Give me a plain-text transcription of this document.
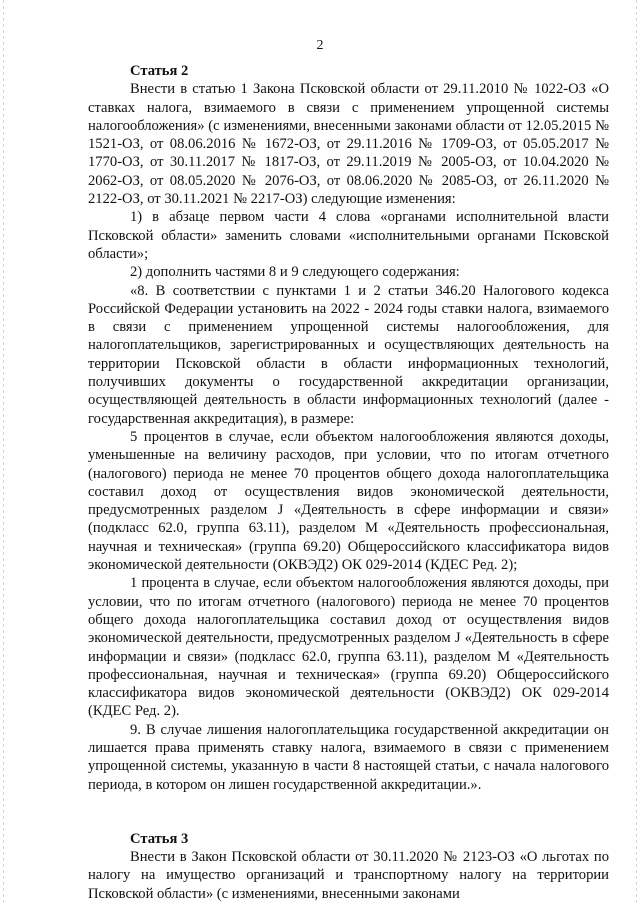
2

Статья 2

Внести в статью 1 Закона Псковской области от 29.11.2010 № 1022-ОЗ «О ставках налога, взимаемого в связи с применением упрощенной системы налогообложения» (с изменениями, внесенными законами области от 12.05.2015 № 1521-ОЗ, от 08.06.2016 № 1672-ОЗ, от 29.11.2016 № 1709-ОЗ, от 05.05.2017 № 1770-ОЗ, от 30.11.2017 № 1817-ОЗ, от 29.11.2019 № 2005-ОЗ, от 10.04.2020 № 2062-ОЗ, от 08.05.2020 № 2076-ОЗ, от 08.06.2020 № 2085-ОЗ, от 26.11.2020 № 2122-ОЗ, от 30.11.2021 № 2217-ОЗ) следующие изменения:

1) в абзаце первом части 4 слова «органами исполнительной власти Псковской области» заменить словами «исполнительными органами Псковской области»;

2) дополнить частями 8 и 9 следующего содержания:

«8. В соответствии с пунктами 1 и 2 статьи 346.20 Налогового кодекса Российской Федерации установить на 2022 - 2024 годы ставки налога, взимаемого в связи с применением упрощенной системы налогообложения, для налогоплательщиков, зарегистрированных и осуществляющих деятельность на территории Псковской области в области информационных технологий, получивших документы о государственной аккредитации организации, осуществляющей деятельность в области информационных технологий (далее - государственная аккредитация), в размере:

5 процентов в случае, если объектом налогообложения являются доходы, уменьшенные на величину расходов, при условии, что по итогам отчетного (налогового) периода не менее 70 процентов общего дохода налогоплательщика составил доход от осуществления видов экономической деятельности, предусмотренных разделом J «Деятельность в сфере информации и связи» (подкласс 62.0, группа 63.11), разделом M «Деятельность профессиональная, научная и техническая» (группа 69.20) Общероссийского классификатора видов экономической деятельности (ОКВЭД2) ОК 029-2014 (КДЕС Ред. 2);

1 процента в случае, если объектом налогообложения являются доходы, при условии, что по итогам отчетного (налогового) периода не менее 70 процентов общего дохода налогоплательщика составил доход от осуществления видов экономической деятельности, предусмотренных разделом J «Деятельность в сфере информации и связи» (подкласс 62.0, группа 63.11), разделом M «Деятельность профессиональная, научная и техническая» (группа 69.20) Общероссийского классификатора видов экономической деятельности (ОКВЭД2) ОК 029-2014 (КДЕС Ред. 2).

9. В случае лишения налогоплательщика государственной аккредитации он лишается права применять ставку налога, взимаемого в связи с применением упрощенной системы, указанную в части 8 настоящей статьи, с начала налогового периода, в котором он лишен государственной аккредитации.».

Статья 3

Внести в Закон Псковской области от 30.11.2020 № 2123-ОЗ «О льготах по налогу на имущество организаций и транспортному налогу на территории Псковской области» (с изменениями, внесенными законами
